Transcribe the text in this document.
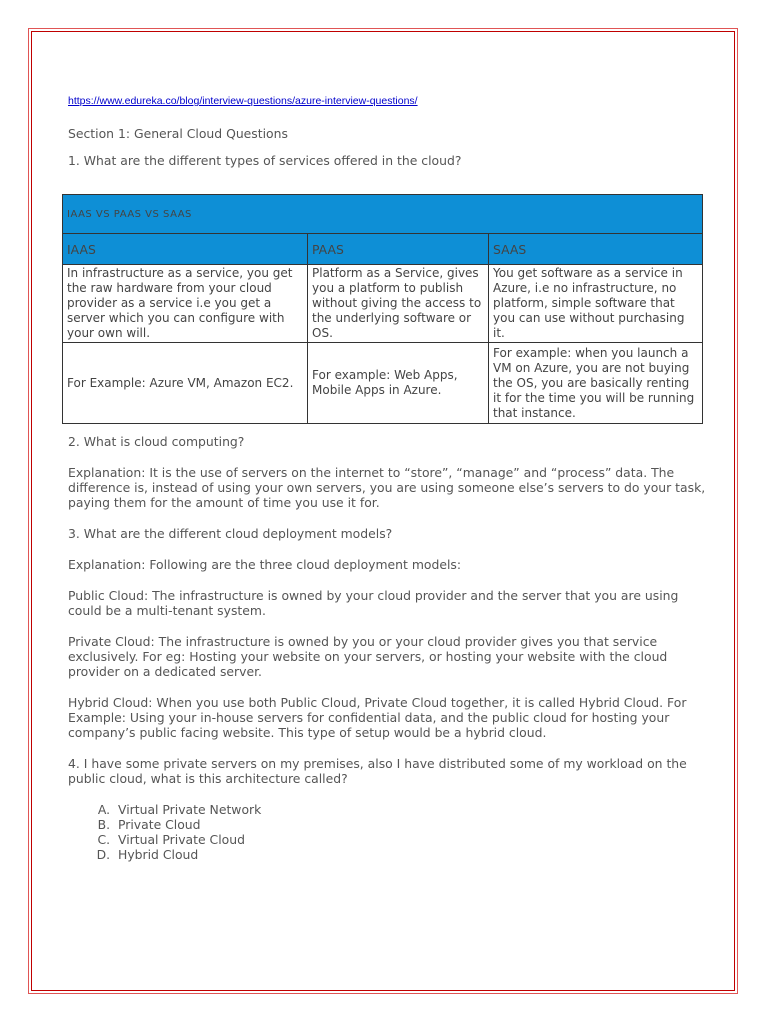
https://www.edureka.co/blog/interview-questions/azure-interview-questions/

Section 1: General Cloud Questions

1. What are the different types of services offered in the cloud?

IAAS VS PAAS VS SAAS		
IAAS	PAAS	SAAS
In infrastructure as a service, you get the raw hardware from your cloud provider as a service i.e you get a server which you can configure with your own will.	Platform as a Service, gives you a platform to publish without giving the access to the underlying software or OS.	You get software as a service in Azure, i.e no infrastructure, no platform, simple software that you can use without purchasing it.
For Example: Azure VM, Amazon EC2.	For example: Web Apps, Mobile Apps in Azure.	For example: when you launch a VM on Azure, you are not buying the OS, you are basically renting it for the time you will be running that instance.

2. What is cloud computing?

Explanation: It is the use of servers on the internet to “store”, “manage” and “process” data. The difference is, instead of using your own servers, you are using someone else’s servers to do your task, paying them for the amount of time you use it for.

3. What are the different cloud deployment models?

Explanation: Following are the three cloud deployment models:

Public Cloud: The infrastructure is owned by your cloud provider and the server that you are using could be a multi-tenant system.

Private Cloud: The infrastructure is owned by you or your cloud provider gives you that service exclusively. For eg: Hosting your website on your servers, or hosting your website with the cloud provider on a dedicated server.

Hybrid Cloud: When you use both Public Cloud, Private Cloud together, it is called Hybrid Cloud. For Example: Using your in-house servers for confidential data, and the public cloud for hosting your company’s public facing website. This type of setup would be a hybrid cloud.

4. I have some private servers on my premises, also I have distributed some of my workload on the public cloud, what is this architecture called?

A. Virtual Private Network
B. Private Cloud
C. Virtual Private Cloud
D. Hybrid Cloud
